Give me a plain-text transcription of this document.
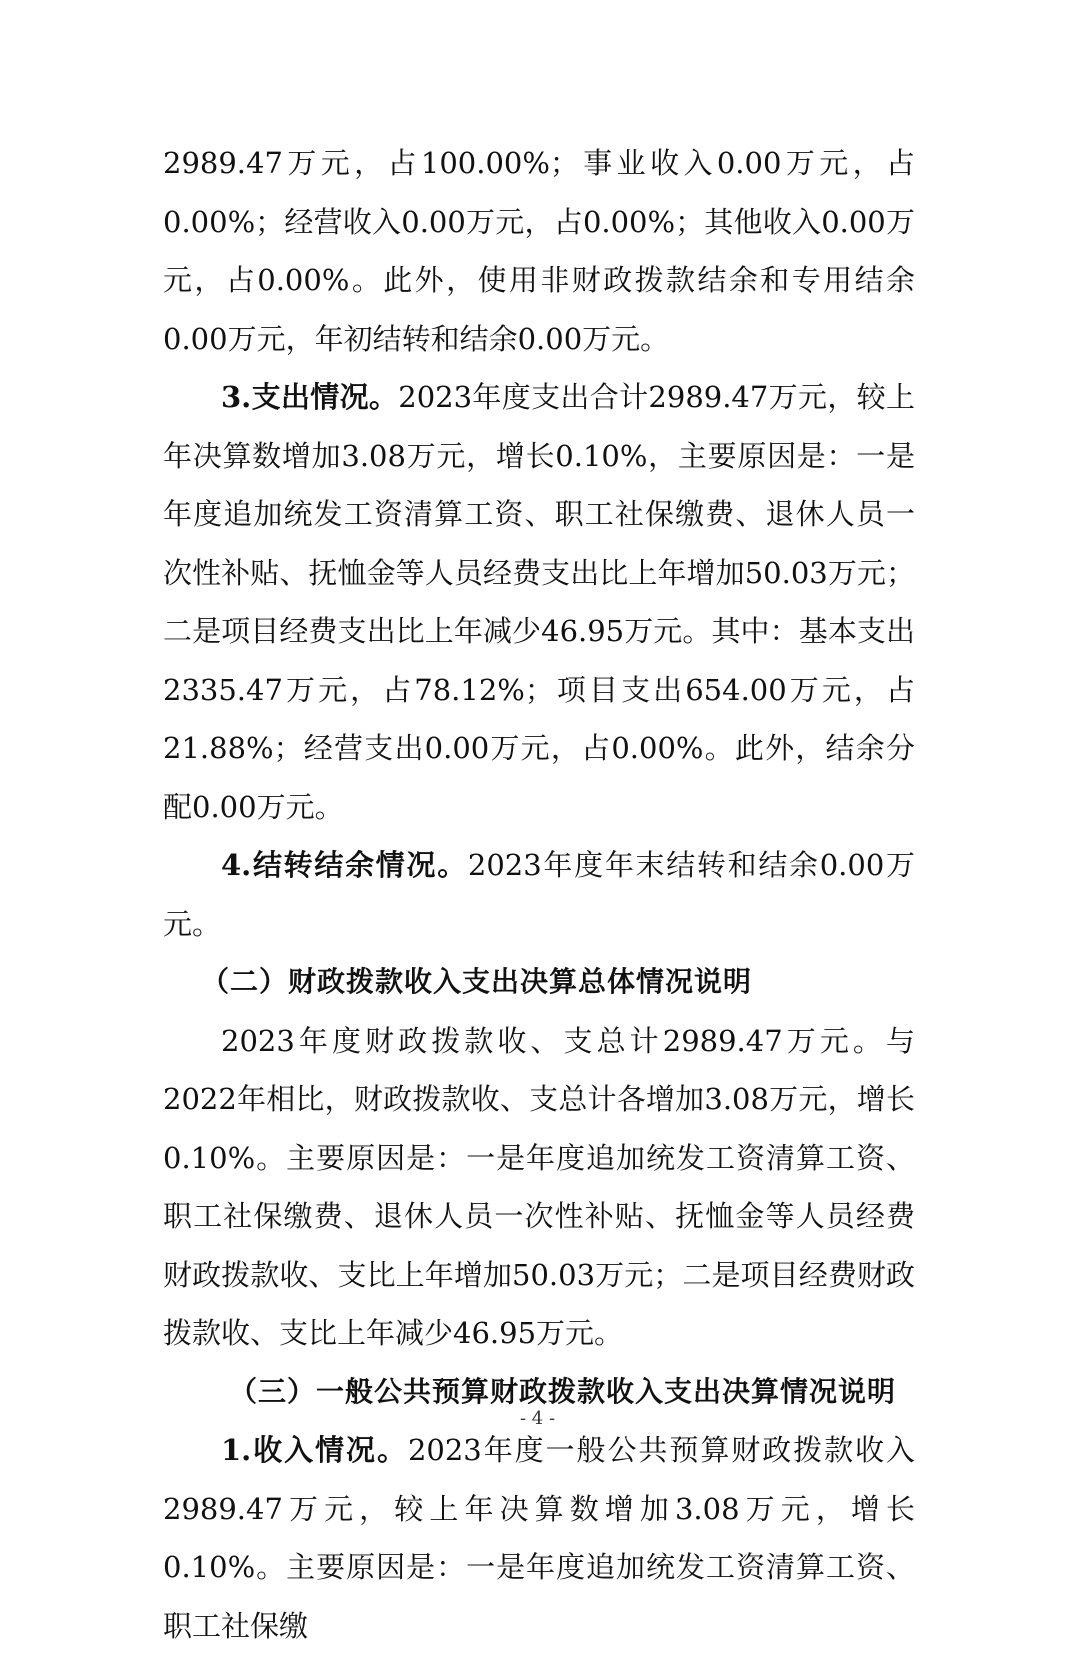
2989.47万元，占100.00%；事业收入0.00万元，占0.00%；经营收入0.00万元，占0.00%；其他收入0.00万元，占0.00%。此外，使用非财政拨款结余和专用结余0.00万元，年初结转和结余0.00万元。

3.支出情况。2023年度支出合计2989.47万元，较上年决算数增加3.08万元，增长0.10%，主要原因是：一是年度追加统发工资清算工资、职工社保缴费、退休人员一次性补贴、抚恤金等人员经费支出比上年增加50.03万元；二是项目经费支出比上年减少46.95万元。其中：基本支出2335.47万元，占78.12%；项目支出654.00万元，占21.88%；经营支出0.00万元，占0.00%。此外，结余分配0.00万元。

4.结转结余情况。2023年度年末结转和结余0.00万元。

（二）财政拨款收入支出决算总体情况说明

2023年度财政拨款收、支总计2989.47万元。与2022年相比，财政拨款收、支总计各增加3.08万元，增长0.10%。主要原因是：一是年度追加统发工资清算工资、职工社保缴费、退休人员一次性补贴、抚恤金等人员经费财政拨款收、支比上年增加50.03万元；二是项目经费财政拨款收、支比上年减少46.95万元。

（三）一般公共预算财政拨款收入支出决算情况说明

1.收入情况。2023年度一般公共预算财政拨款收入2989.47万元，较上年决算数增加3.08万元，增长0.10%。主要原因是：一是年度追加统发工资清算工资、职工社保缴

- 4 -
